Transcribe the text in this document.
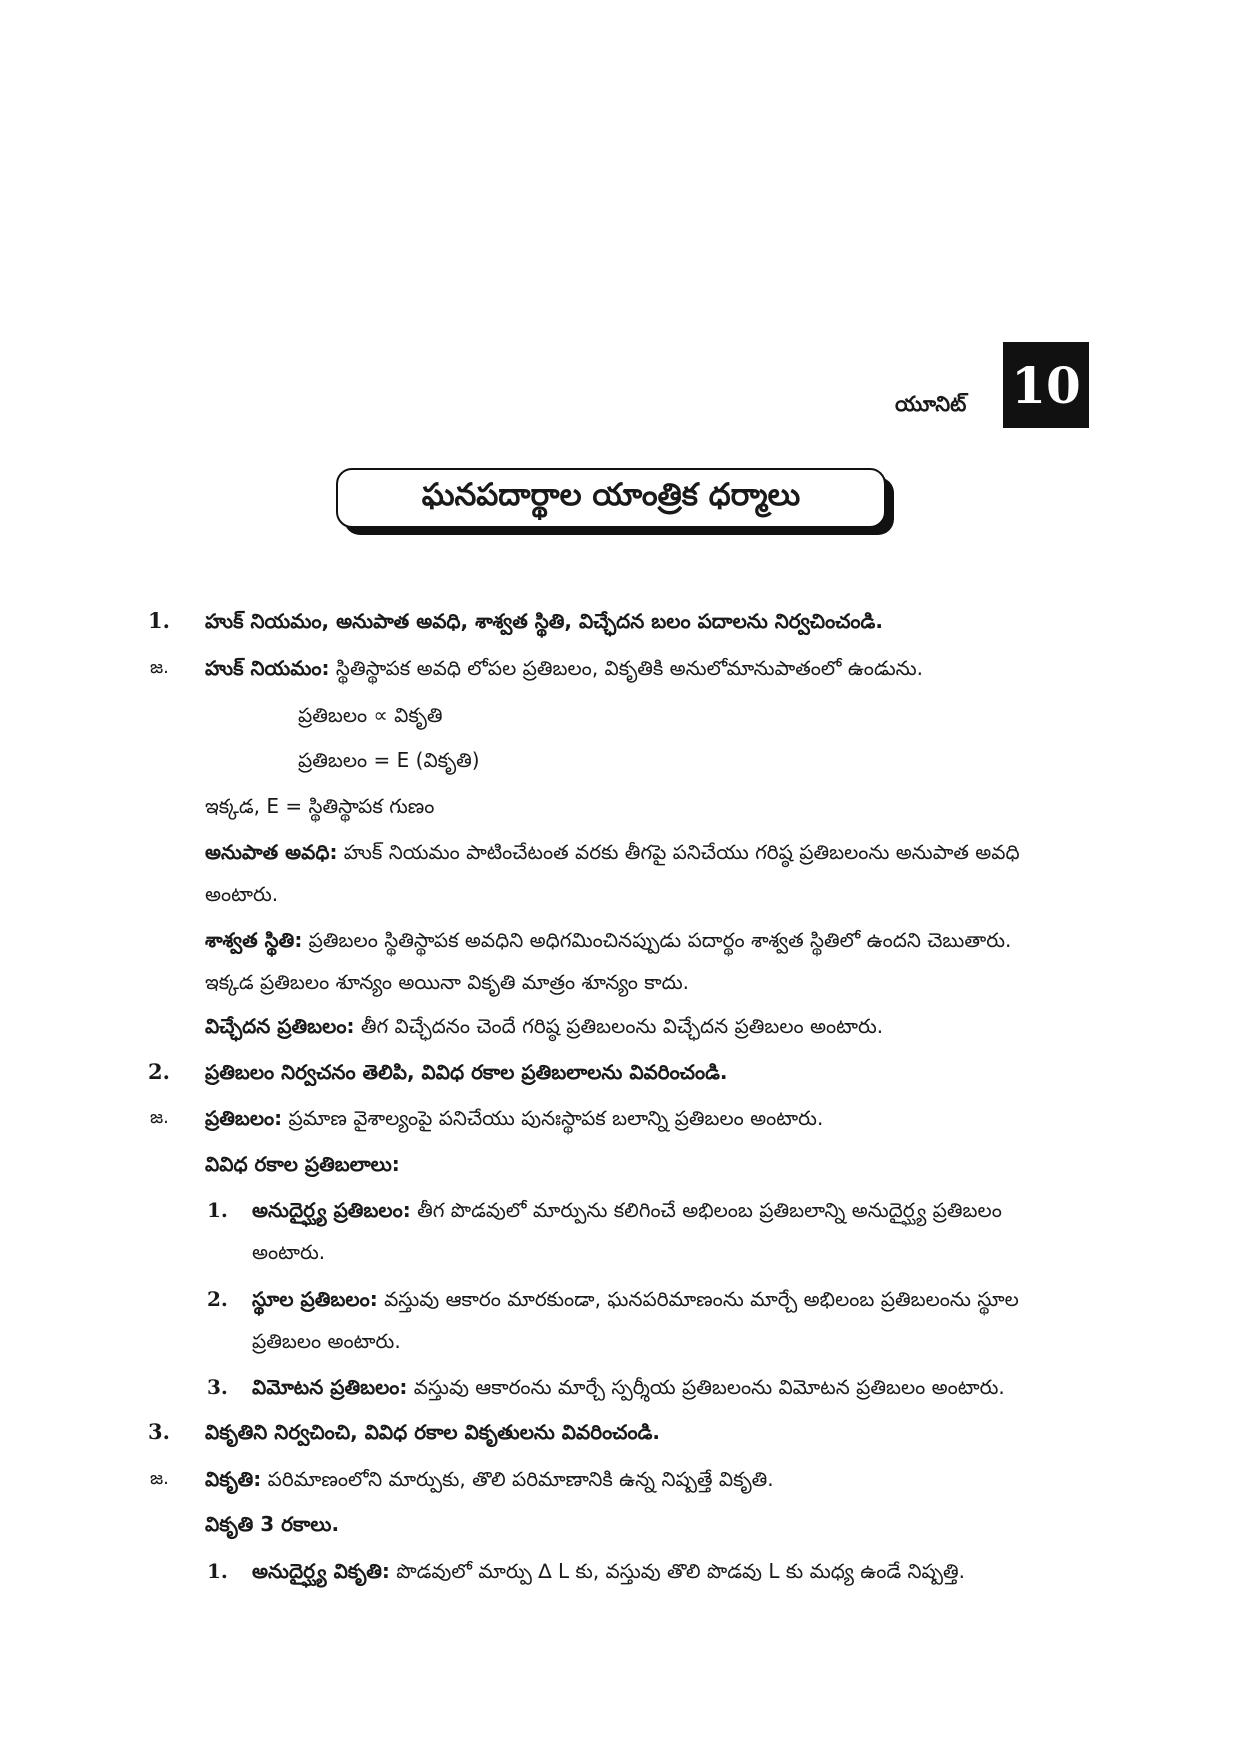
యూనిట్ 10
ఘనపదార్థాల యాంత్రిక ధర్మాలు
1. హుక్ నియమం, అనుపాత అవధి, శాశ్వత స్థితి, విచ్ఛేదన బలం పదాలను నిర్వచించండి.
జ. హుక్ నియమం: స్థితిస్థాపక అవధి లోపల ప్రతిబలం, వికృతికి అనులోమానుపాతంలో ఉండును.
ప్రతిబలం ∝ వికృతి
ప్రతిబలం = E (వికృతి)
ఇక్కడ, E = స్థితిస్థాపక గుణం
అనుపాత అవధి: హుక్ నియమం పాటించేటంత వరకు తీగపై పనిచేయు గరిష్ఠ ప్రతిబలంను అనుపాత అవధి
అంటారు.
శాశ్వత స్థితి: ప్రతిబలం స్థితిస్థాపక అవధిని అధిగమించినప్పుడు పదార్థం శాశ్వత స్థితిలో ఉందని చెబుతారు.
ఇక్కడ ప్రతిబలం శూన్యం అయినా వికృతి మాత్రం శూన్యం కాదు.
విచ్ఛేదన ప్రతిబలం: తీగ విచ్ఛేదనం చెందే గరిష్ఠ ప్రతిబలంను విచ్ఛేదన ప్రతిబలం అంటారు.
2. ప్రతిబలం నిర్వచనం తెలిపి, వివిధ రకాల ప్రతిబలాలను వివరించండి.
జ. ప్రతిబలం: ప్రమాణ వైశాల్యంపై పనిచేయు పునఃస్థాపక బలాన్ని ప్రతిబలం అంటారు.
వివిధ రకాల ప్రతిబలాలు:
1. అనుదైర్ఘ్య ప్రతిబలం: తీగ పొడవులో మార్పును కలిగించే అభిలంబ ప్రతిబలాన్ని అనుదైర్ఘ్య ప్రతిబలం
అంటారు.
2. స్థూల ప్రతిబలం: వస్తువు ఆకారం మారకుండా, ఘనపరిమాణంను మార్చే అభిలంబ ప్రతిబలంను స్థూల
ప్రతిబలం అంటారు.
3. విమోటన ప్రతిబలం: వస్తువు ఆకారంను మార్చే స్పర్శీయ ప్రతిబలంను విమోటన ప్రతిబలం అంటారు.
3. వికృతిని నిర్వచించి, వివిధ రకాల వికృతులను వివరించండి.
జ. వికృతి: పరిమాణంలోని మార్పుకు, తొలి పరిమాణానికి ఉన్న నిష్పత్తే వికృతి.
వికృతి 3 రకాలు.
1. అనుదైర్ఘ్య వికృతి: పొడవులో మార్పు ∆ L కు, వస్తువు తొలి పొడవు L కు మధ్య ఉండే నిష్పత్తి.
